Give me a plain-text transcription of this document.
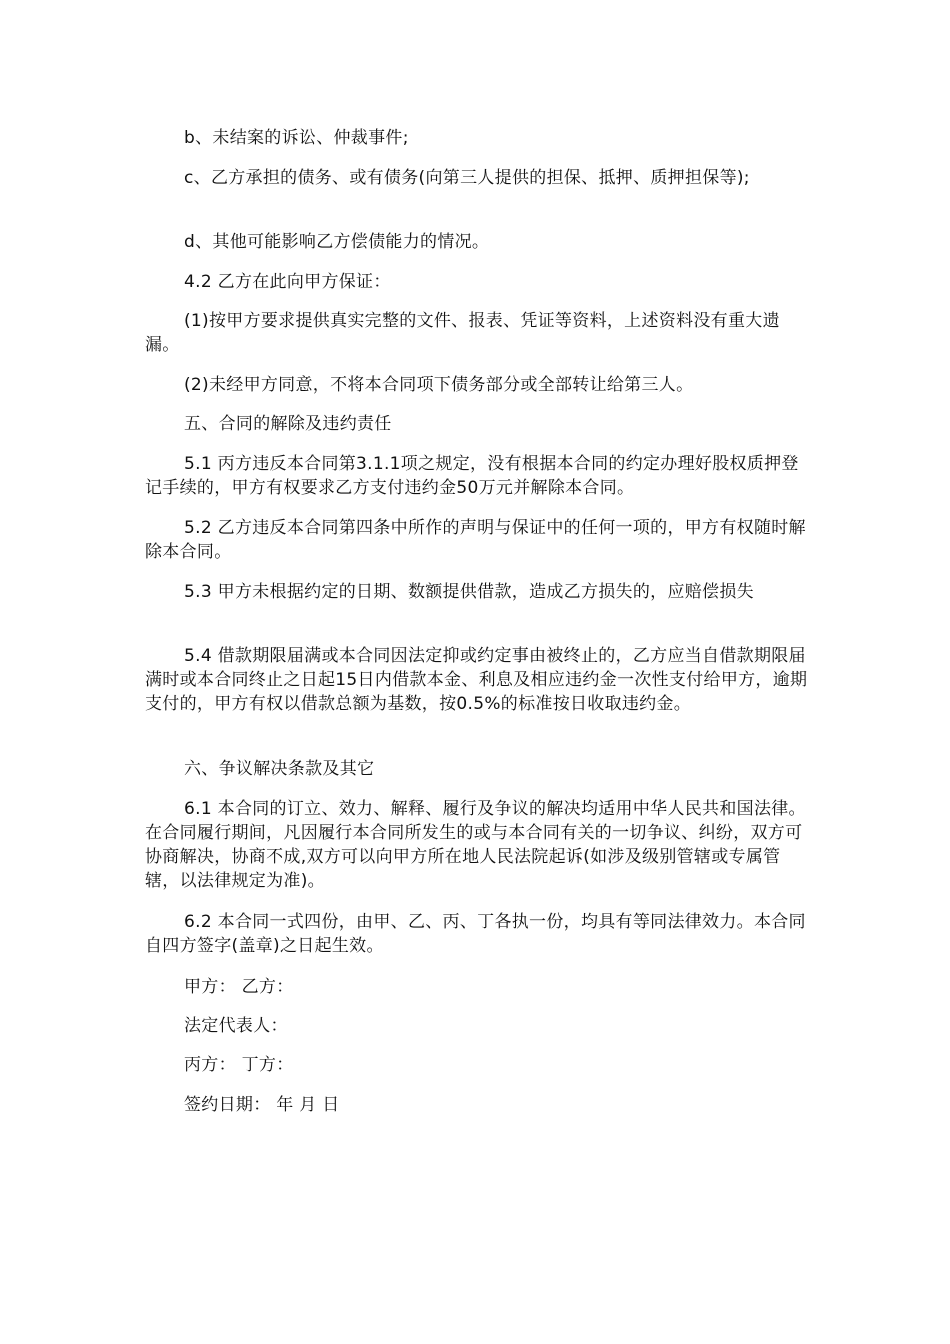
b、未结案的诉讼、仲裁事件;

c、乙方承担的债务、或有债务(向第三人提供的担保、抵押、质押担保等);

d、其他可能影响乙方偿债能力的情况。

4.2 乙方在此向甲方保证：

(1)按甲方要求提供真实完整的文件、报表、凭证等资料，上述资料没有重大遗漏。

(2)未经甲方同意，不将本合同项下债务部分或全部转让给第三人。

五、合同的解除及违约责任

5.1 丙方违反本合同第3.1.1项之规定，没有根据本合同的约定办理好股权质押登记手续的，甲方有权要求乙方支付违约金50万元并解除本合同。

5.2 乙方违反本合同第四条中所作的声明与保证中的任何一项的，甲方有权随时解除本合同。

5.3 甲方未根据约定的日期、数额提供借款，造成乙方损失的，应赔偿损失

5.4 借款期限届满或本合同因法定抑或约定事由被终止的，乙方应当自借款期限届满时或本合同终止之日起15日内借款本金、利息及相应违约金一次性支付给甲方，逾期支付的，甲方有权以借款总额为基数，按0.5%的标准按日收取违约金。

六、争议解决条款及其它

6.1 本合同的订立、效力、解释、履行及争议的解决均适用中华人民共和国法律。在合同履行期间，凡因履行本合同所发生的或与本合同有关的一切争议、纠纷，双方可协商解决，协商不成,双方可以向甲方所在地人民法院起诉(如涉及级别管辖或专属管辖，以法律规定为准)。

6.2 本合同一式四份，由甲、乙、丙、丁各执一份，均具有等同法律效力。本合同自四方签字(盖章)之日起生效。

甲方： 乙方：

法定代表人：

丙方： 丁方：

签约日期： 年 月 日
